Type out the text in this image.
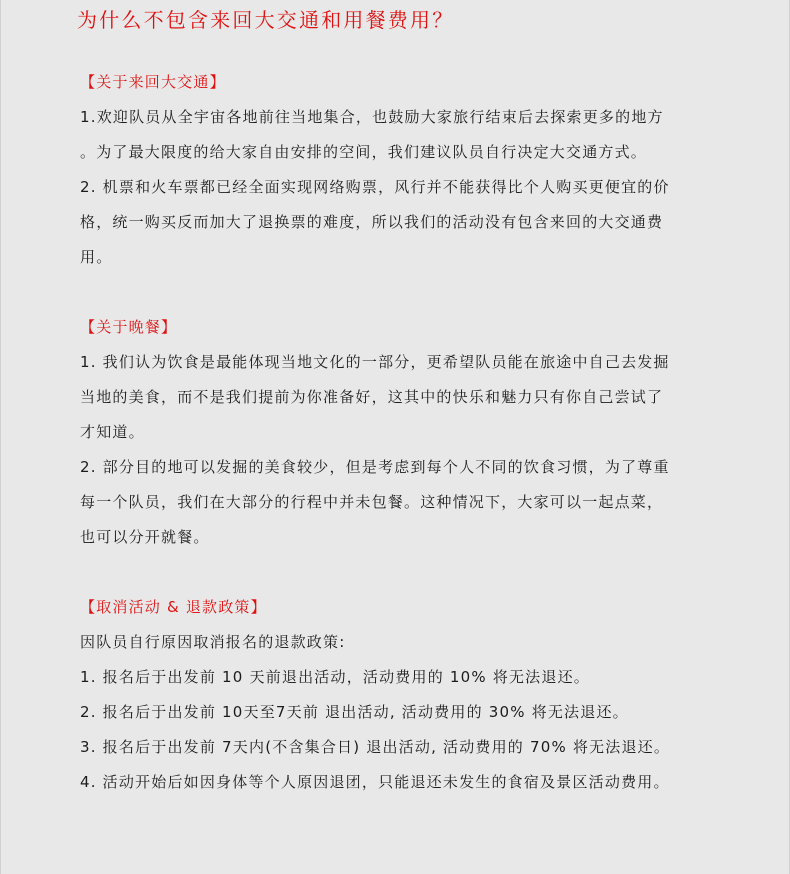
为什么不包含来回大交通和用餐费用？
【关于来回大交通】
1.欢迎队员从全宇宙各地前往当地集合，也鼓励大家旅行结束后去探索更多的地方
。为了最大限度的给大家自由安排的空间，我们建议队员自行决定大交通方式。
2. 机票和火车票都已经全面实现网络购票，风行并不能获得比个人购买更便宜的价
格，统一购买反而加大了退换票的难度，所以我们的活动没有包含来回的大交通费
用。
【关于晚餐】
1. 我们认为饮食是最能体现当地文化的一部分，更希望队员能在旅途中自己去发掘
当地的美食，而不是我们提前为你准备好，这其中的快乐和魅力只有你自己尝试了
才知道。
2. 部分目的地可以发掘的美食较少，但是考虑到每个人不同的饮食习惯，为了尊重
每一个队员，我们在大部分的行程中并未包餐。这种情况下，大家可以一起点菜，
也可以分开就餐。
【取消活动 & 退款政策】
因队员自行原因取消报名的退款政策:
1. 报名后于出发前 10 天前退出活动，活动费用的 10% 将无法退还。
2. 报名后于出发前 10天至7天前 退出活动, 活动费用的 30% 将无法退还。
3. 报名后于出发前 7天内(不含集合日) 退出活动, 活动费用的 70% 将无法退还。
4. 活动开始后如因身体等个人原因退团，只能退还未发生的食宿及景区活动费用。
